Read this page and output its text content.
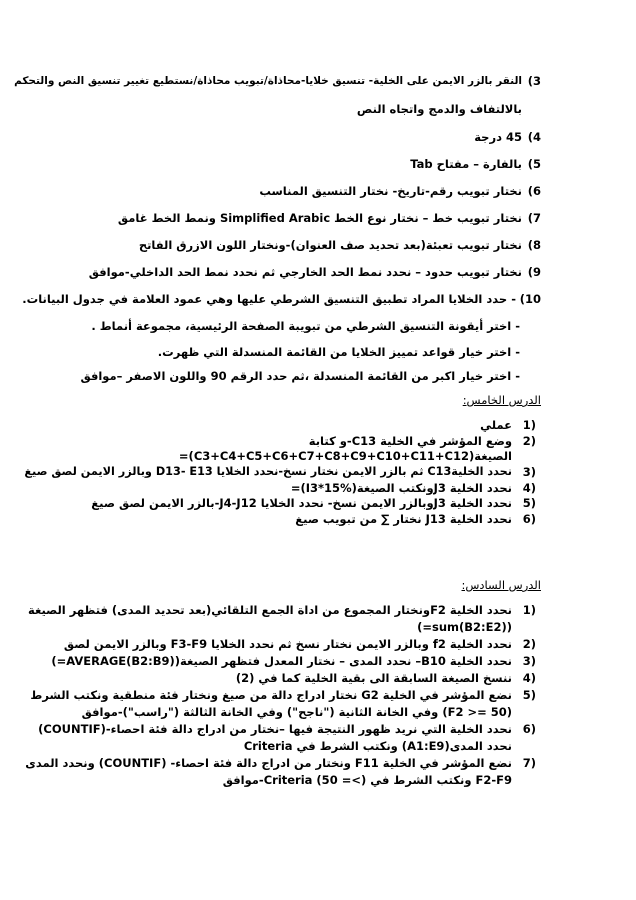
3)
النقر بالزر الايمن على الخلية- تنسيق خلايا-محاذاة/تبويب محاذاة/نستطيع تغيير تنسيق النص والتحكم
بالالتفاف والدمج واتجاه النص
4)
45 درجة
5)
بالفارة – مفتاح Tab
6)
نختار تبويب رقم-تاريخ- نختار التنسيق المناسب
7)
نختار تبويب خط – نختار نوع الخط Simplified Arabic ونمط الخط غامق
8)
نختار تبويب تعبئة(بعد تحديد صف العنوان)-ونختار اللون الازرق الفاتح
9)
نختار تبويب حدود – نحدد نمط الحد الخارجي ثم نحدد نمط الحد الداخلي-موافق
10)
- حدد الخلايا المراد تطبيق التنسيق الشرطي عليها وهي عمود العلامة في جدول البيانات.
- اختر أيقونة التنسيق الشرطي من تبويبة الصفحة الرئيسية، مجموعة أنماط .
- اختر خيار قواعد تمييز الخلايا من القائمة المنسدلة التي ظهرت.
- اختر خيار اكبر من القائمة المنسدلة ،ثم حدد الرقم 90 واللون الاصفر –موافق
الدرس الخامس:
1)
عملي
2)
وضع المؤشر في الخلية C13-و كتابة
الصيغة(C3+C4+C5+C6+C7+C8+C9+C10+C11+C12)=
3)
نحدد الخليةC13 ثم بالزر الايمن نختار نسخ-نحدد الخلايا D13- E13 وبالزر الايمن لصق صيغ
4)
نحدد الخلية J3ونكتب الصيغة(I3*15%)=
5)
نحدد الخلية J3وبالزر الايمن نسخ- نحدد الخلايا J4-J12-بالزر الايمن لصق صيغ
6)
نحدد الخلية J13 نختار ∑ من تبويب صيغ
الدرس السادس:
1)
نحدد الخلية F2ونختار المجموع من اداة الجمع التلقائي(بعد تحديد المدى) فتظهر الصيغة
(sum(B2:E2)=)
2)
نحدد الخلية f2 وبالزر الايمن نختار نسخ ثم نحدد الخلايا F3-F9 وبالزر الايمن لصق
3)
نحدد الخلية B10– نحدد المدى – نختار المعدل فتظهر الصيغة(AVERAGE(B2:B9)=)
4)
ننسخ الصيغة السابقة الى بقية الخلية كما في (2)
5)
نضع المؤشر في الخلية G2 نختار ادراج دالة من صيغ ونختار فئة منطقية ونكتب الشرط
(F2 >= 50) وفي الخانة الثانية ("ناجح") وفي الخانة الثالثة ("راسب")-موافق
6)
نحدد الخلية التي نريد ظهور النتيجة فيها –نختار من ادراج دالة فئة احصاء-(COUNTIF)
نحدد المدى(A1:E9) ونكتب الشرط في Criteria
7)
نضع المؤشر في الخلية F11 ونختار من ادراج دالة فئة احصاء- (COUNTIF) ونحدد المدى
F2-F9 ونكتب الشرط في Criteria (50 =<)-موافق
